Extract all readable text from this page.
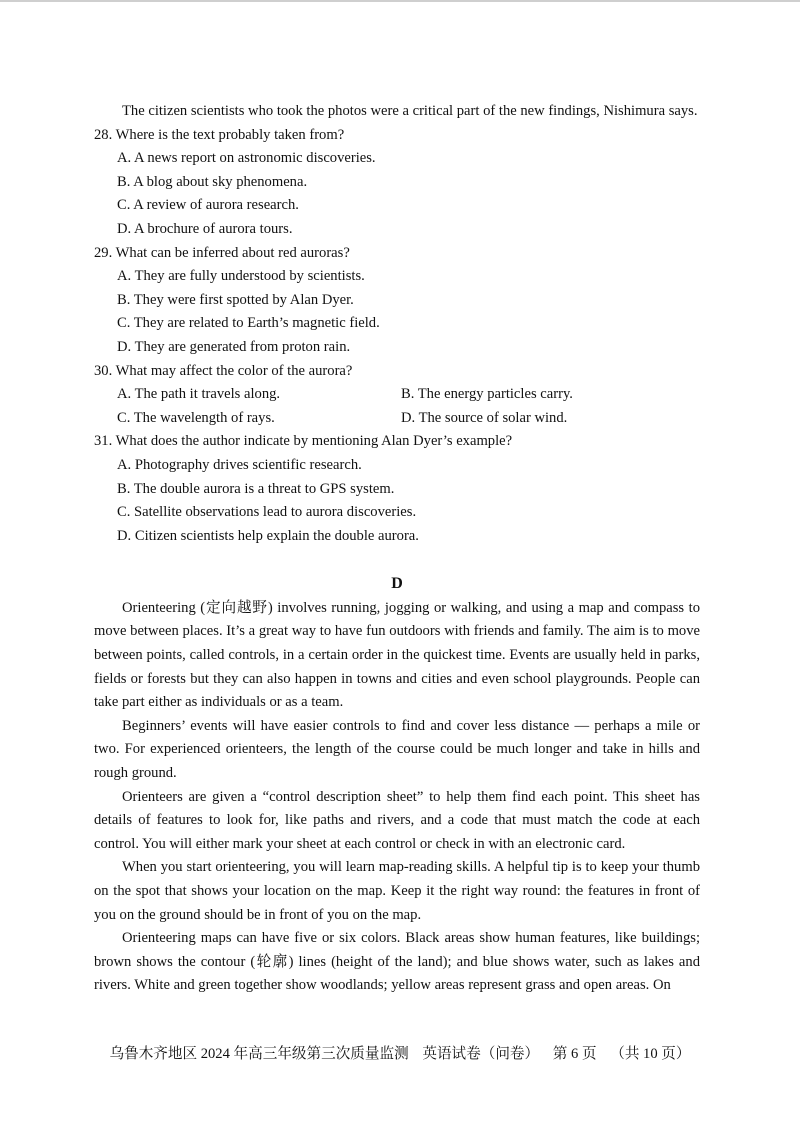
The citizen scientists who took the photos were a critical part of the new findings, Nishimura says.
28. Where is the text probably taken from?
A. A news report on astronomic discoveries.
B. A blog about sky phenomena.
C. A review of aurora research.
D. A brochure of aurora tours.
29. What can be inferred about red auroras?
A. They are fully understood by scientists.
B. They were first spotted by Alan Dyer.
C. They are related to Earth’s magnetic field.
D. They are generated from proton rain.
30. What may affect the color of the aurora?
A. The path it travels along.	B. The energy particles carry.
C. The wavelength of rays.	D. The source of solar wind.
31. What does the author indicate by mentioning Alan Dyer’s example?
A. Photography drives scientific research.
B. The double aurora is a threat to GPS system.
C. Satellite observations lead to aurora discoveries.
D. Citizen scientists help explain the double aurora.
D
Orienteering (定向越野) involves running, jogging or walking, and using a map and compass to move between places. It’s a great way to have fun outdoors with friends and family. The aim is to move between points, called controls, in a certain order in the quickest time. Events are usually held in parks, fields or forests but they can also happen in towns and cities and even school playgrounds. People can take part either as individuals or as a team.
Beginners’ events will have easier controls to find and cover less distance — perhaps a mile or two. For experienced orienteers, the length of the course could be much longer and take in hills and rough ground.
Orienteers are given a “control description sheet” to help them find each point. This sheet has details of features to look for, like paths and rivers, and a code that must match the code at each control. You will either mark your sheet at each control or check in with an electronic card.
When you start orienteering, you will learn map-reading skills. A helpful tip is to keep your thumb on the spot that shows your location on the map. Keep it the right way round: the features in front of you on the ground should be in front of you on the map.
Orienteering maps can have five or six colors. Black areas show human features, like buildings; brown shows the contour (轮廓) lines (height of the land); and blue shows water, such as lakes and rivers. White and green together show woodlands; yellow areas represent grass and open areas. On
乌鲁木齐地区 2024 年高三年级第三次质量监测 英语试卷（问卷） 第 6 页 （共 10 页）
